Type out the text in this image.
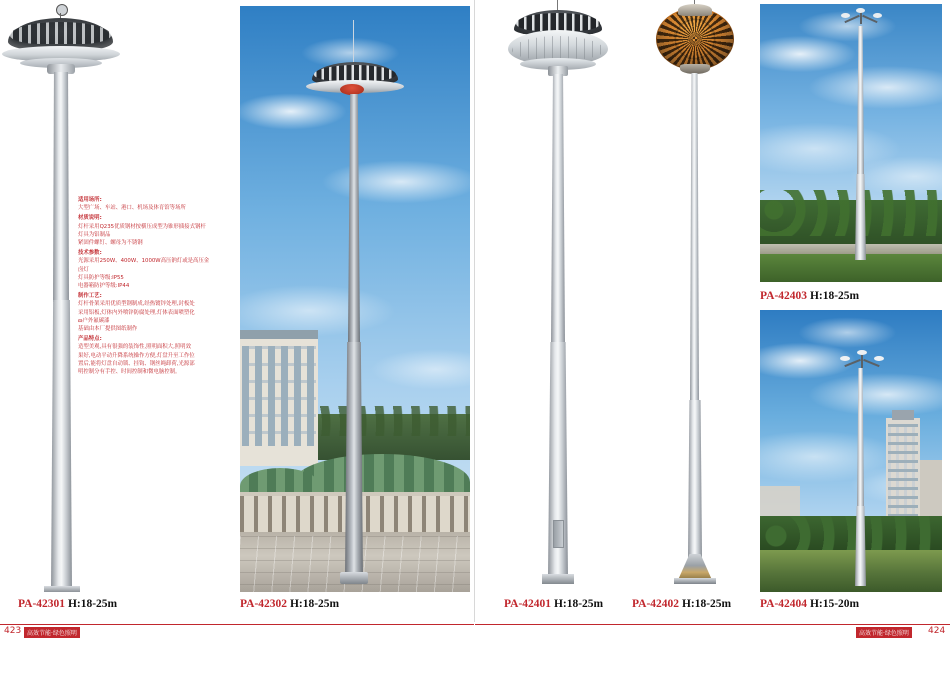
适用场所:

大型广场、车站、港口、机场及体育馆等场所

材质说明:

灯杆采用Q235优质钢材按横压成型为锥形插接式钢杆

灯具为铝制品

紧固件螺钉、螺母为不锈钢

技术参数:

光源采用250W、400W、1000W高压钠灯或是高压金

卤灯

灯具防护等级:IP55

电器箱防护等级:IP44

制作工艺:

灯杆骨架采用优质型钢制成,经热镀锌处理,封板处

采用铝板,灯体内外喷锌防腐处理,灯体表面喷塑化

ణ户外氟碳漆

基础由本厂提供图纸制作

产品特点:

造型美观,具有很强的装饰性,照明面积大,照明效

果好,电动平动升降系统操作方便,灯盘升至工作位

置后,能将灯盘自动锁、挂钩、钢丝绳卸荷,光源部

明控制分有手控、时间控制和微电脑控制。

PA-42301 H:18-25m	PA-42302 H:18-25m	PA-42401 H:18-25m	PA-42402 H:18-25m
PA-42403 H:18-25m
PA-42404 H:15-20m
423 高效节能·绿色照明	高效节能·绿色照明	424
